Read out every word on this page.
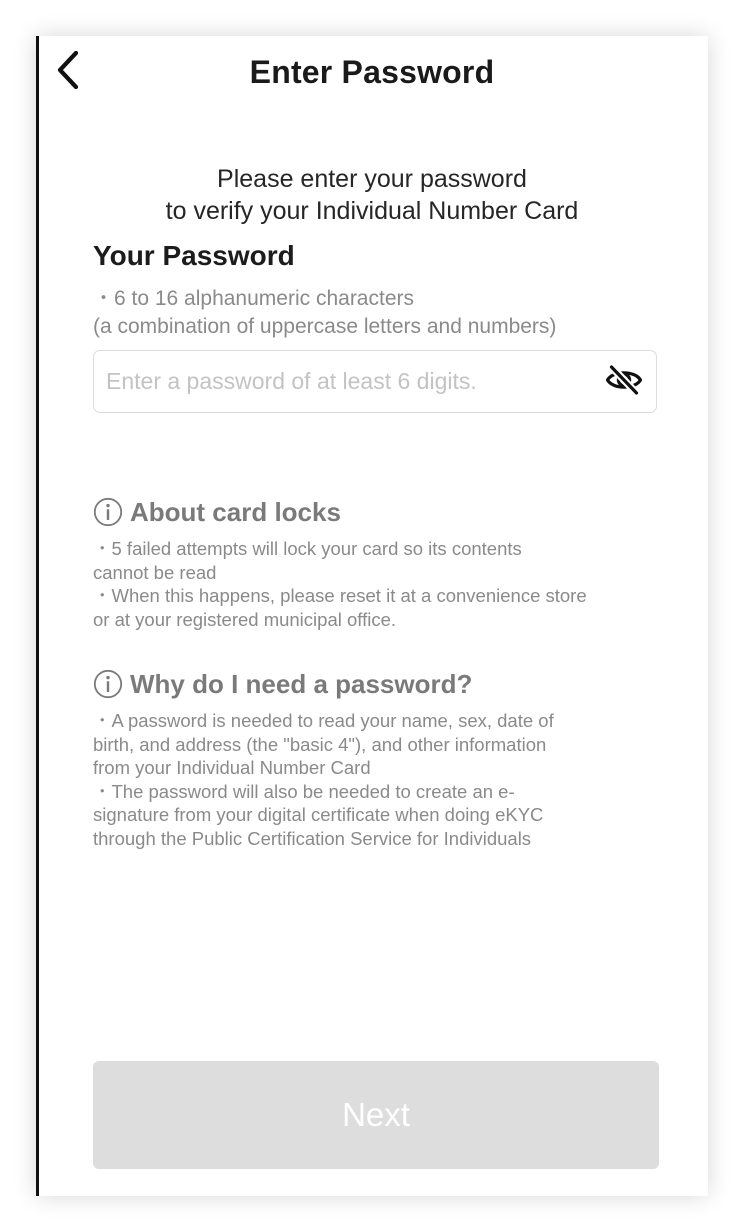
Enter Password
Please enter your password
to verify your Individual Number Card
Your Password
・6 to 16 alphanumeric characters
(a combination of uppercase letters and numbers)
About card locks
・5 failed attempts will lock your card so its contents
cannot be read
・When this happens, please reset it at a convenience store
or at your registered municipal office.
Why do I need a password?
・A password is needed to read your name, sex, date of
birth, and address (the "basic 4"), and other information
from your Individual Number Card
・The password will also be needed to create an e-
signature from your digital certificate when doing eKYC
through the Public Certification Service for Individuals
Next
